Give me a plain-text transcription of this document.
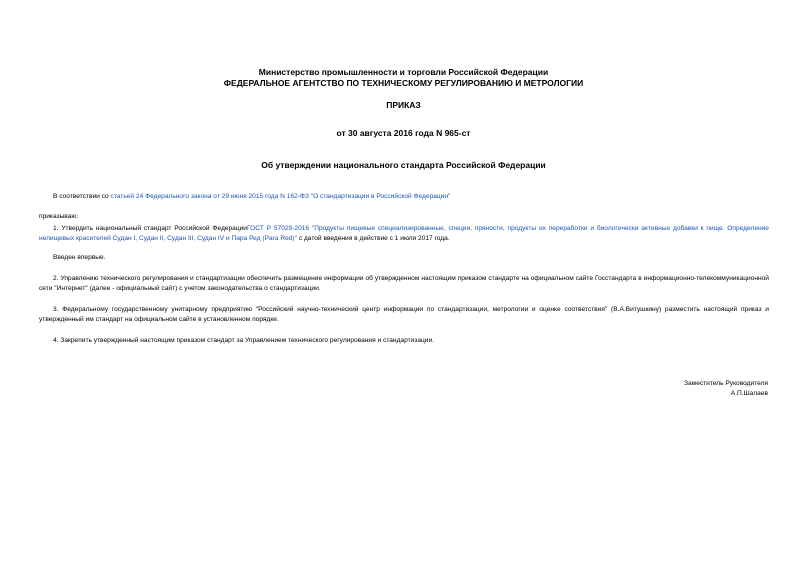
Министерство промышленности и торговли Российской Федерации
ФЕДЕРАЛЬНОЕ АГЕНТСТВО ПО ТЕХНИЧЕСКОМУ РЕГУЛИРОВАНИЮ И МЕТРОЛОГИИ
ПРИКАЗ
от 30 августа 2016 года N 965-ст
Об утверждении национального стандарта Российской Федерации
В соответствии со статьей 24 Федерального закона от 29 июня 2015 года N 162-ФЗ "О стандартизации в Российской Федерации"
приказываю:
1. Утвердить национальный стандарт Российской ФедерацииГОСТ Р 57029-2016 "Продукты пищевые специализированные, специи, пряности, продукты их переработки и биологически активные добавки к пище. Определение нелищевых красителей Судан I, Судан II, Судан III, Судан IV и Пара Ред (Para Red)" с датой введения в действие с 1 июля 2017 года.
Введен впервые.
2. Управлению технического регулирования и стандартизации обеспечить размещение информации об утвержденном настоящим приказом стандарте на официальном сайте Госстандарта в информационно-телекоммуникационной сети "Интернет" (далее - официальный сайт) с учетом законодательства о стандартизации.
3. Федеральному государственному унитарному предприятию "Российский научно-технический центр информации по стандартизации, метрологии и оценке соответствия" (В.А.Витушкину) разместить настоящий приказ и утвержденный им стандарт на официальном сайте в установленном порядке.
4. Закрепить утвержденный настоящим приказом стандарт за Управлением технического регулирования и стандартизации.
Заместитель Руководителя
А.П.Шалаев
